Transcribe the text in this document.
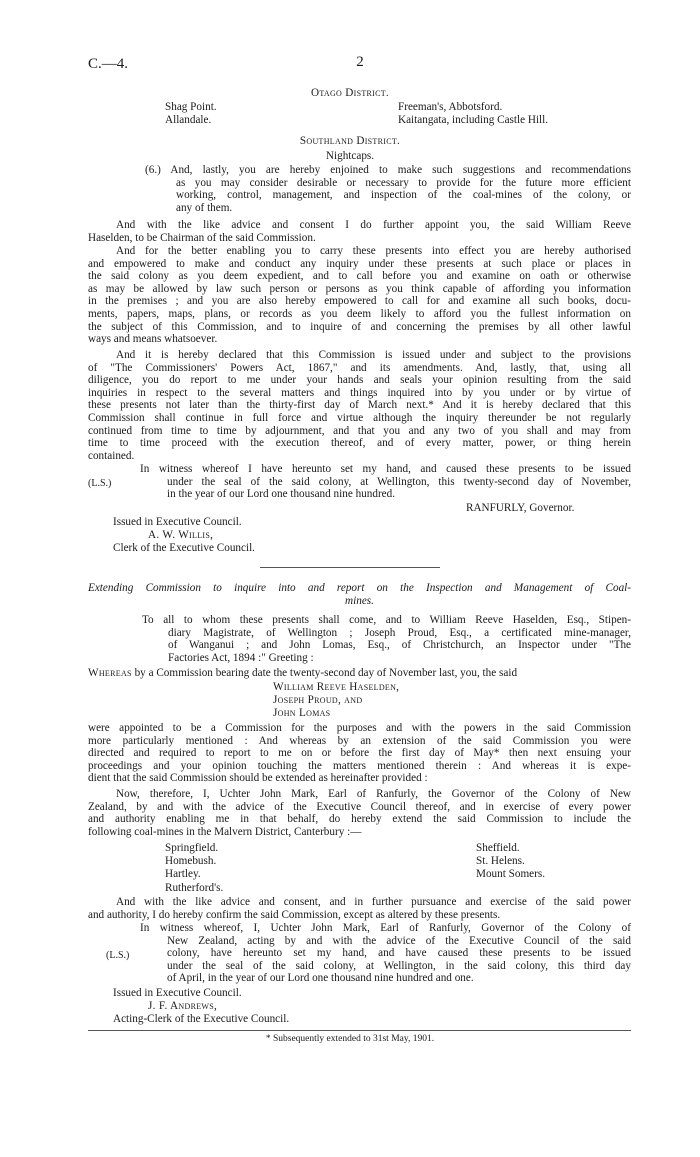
C.—4.	2
Otago District.
Shag Point.
Allandale.
Freeman's, Abbotsford.
Kaitangata, including Castle Hill.
Southland District.
Nightcaps.
(6.) And, lastly, you are hereby enjoined to make such suggestions and recommendations
as you may consider desirable or necessary to provide for the future more efficient
working, control, management, and inspection of the coal-mines of the colony, or
any of them.
And with the like advice and consent I do further appoint you, the said William Reeve
Haselden, to be Chairman of the said Commission.
And for the better enabling you to carry these presents into effect you are hereby authorised
and empowered to make and conduct any inquiry under these presents at such place or places in
the said colony as you deem expedient, and to call before you and examine on oath or otherwise
as may be allowed by law such person or persons as you think capable of affording you information
in the premises ; and you are also hereby empowered to call for and examine all such books, docu-
ments, papers, maps, plans, or records as you deem likely to afford you the fullest information on
the subject of this Commission, and to inquire of and concerning the premises by all other lawful
ways and means whatsoever.
And it is hereby declared that this Commission is issued under and subject to the provisions
of "The Commissioners' Powers Act, 1867," and its amendments. And, lastly, that, using all
diligence, you do report to me under your hands and seals your opinion resulting from the said
inquiries in respect to the several matters and things inquired into by you under or by virtue of
these presents not later than the thirty-first day of March next.* And it is hereby declared that this
Commission shall continue in full force and virtue although the inquiry thereunder be not regularly
continued from time to time by adjournment, and that you and any two of you shall and may from
time to time proceed with the execution thereof, and of every matter, power, or thing herein
contained.
In witness whereof I have hereunto set my hand, and caused these presents to be issued
under the seal of the said colony, at Wellington, this twenty-second day of November,
in the year of our Lord one thousand nine hundred.
(L.S.)
RANFURLY, Governor.
Issued in Executive Council.
A. W. Willis,
Clerk of the Executive Council.
Extending Commission to inquire into and report on the Inspection and Management of Coal-
mines.
To all to whom these presents shall come, and to William Reeve Haselden, Esq., Stipen-
diary Magistrate, of Wellington ; Joseph Proud, Esq., a certificated mine-manager,
of Wanganui ; and John Lomas, Esq., of Christchurch, an Inspector under "The
Factories Act, 1894 :" Greeting :
Whereas by a Commission bearing date the twenty-second day of November last, you, the said
William Reeve Haselden,
Joseph Proud, and
John Lomas
were appointed to be a Commission for the purposes and with the powers in the said Commission
more particularly mentioned : And whereas by an extension of the said Commission you were
directed and required to report to me on or before the first day of May* then next ensuing your
proceedings and your opinion touching the matters mentioned therein : And whereas it is expe-
dient that the said Commission should be extended as hereinafter provided :
Now, therefore, I, Uchter John Mark, Earl of Ranfurly, the Governor of the Colony of New
Zealand, by and with the advice of the Executive Council thereof, and in exercise of every power
and authority enabling me in that behalf, do hereby extend the said Commission to include the
following coal-mines in the Malvern District, Canterbury :—
Springfield.
Homebush.
Hartley.
Rutherford's.
Sheffield.
St. Helens.
Mount Somers.
And with the like advice and consent, and in further pursuance and exercise of the said power
and authority, I do hereby confirm the said Commission, except as altered by these presents.
In witness whereof, I, Uchter John Mark, Earl of Ranfurly, Governor of the Colony of
New Zealand, acting by and with the advice of the Executive Council of the said
colony, have hereunto set my hand, and have caused these presents to be issued
under the seal of the said colony, at Wellington, in the said colony, this third day
of April, in the year of our Lord one thousand nine hundred and one.
(L.S.)
Issued in Executive Council.
J. F. Andrews,
Acting-Clerk of the Executive Council.
* Subsequently extended to 31st May, 1901.
